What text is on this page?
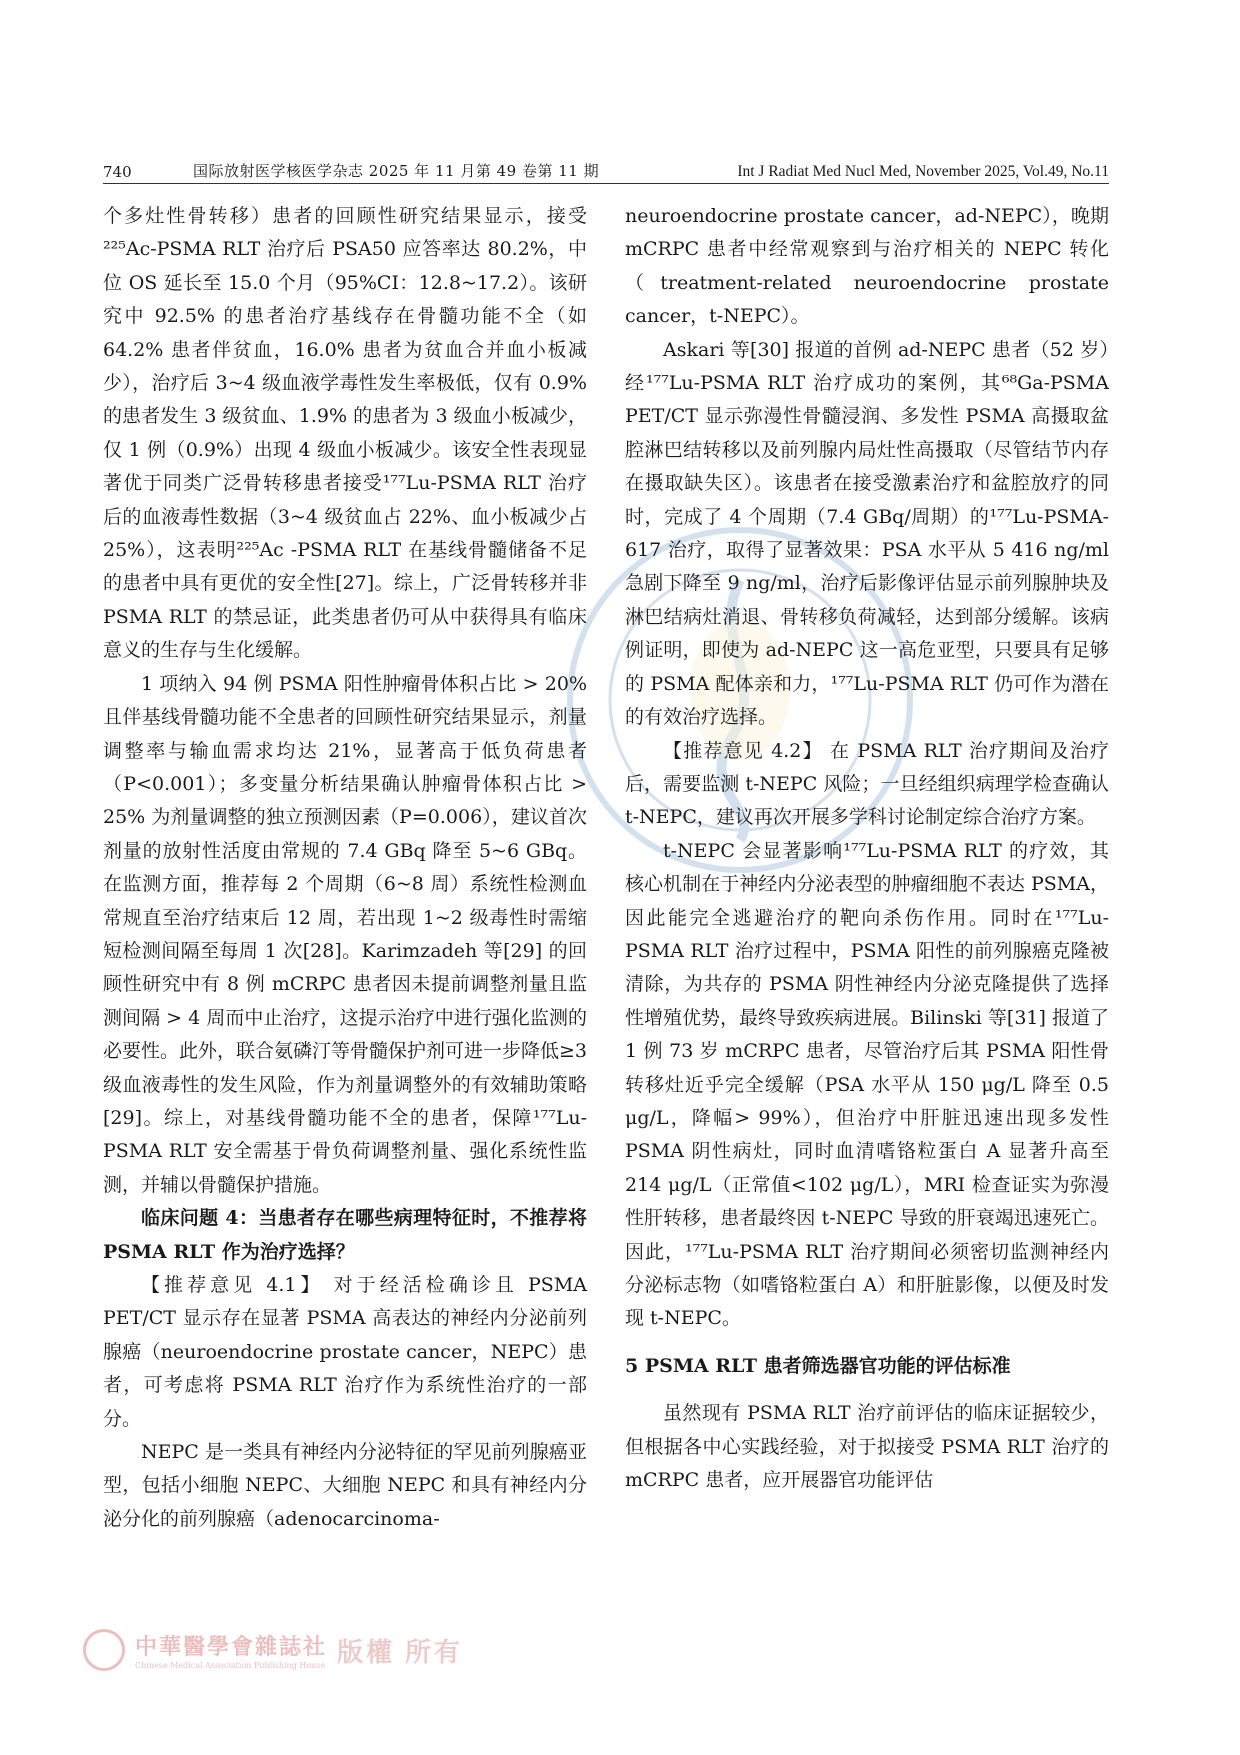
740	国际放射医学核医学杂志 2025 年 11 月第 49 卷第 11 期	Int J Radiat Med Nucl Med, November 2025, Vol.49, No.11

个多灶性骨转移）患者的回顾性研究结果显示，接受²²⁵Ac-PSMA RLT 治疗后 PSA50 应答率达 80.2%，中位 OS 延长至 15.0 个月（95%CI：12.8~17.2）。该研究中 92.5% 的患者治疗基线存在骨髓功能不全（如 64.2% 患者伴贫血，16.0% 患者为贫血合并血小板减少），治疗后 3~4 级血液学毒性发生率极低，仅有 0.9% 的患者发生 3 级贫血、1.9% 的患者为 3 级血小板减少，仅 1 例（0.9%）出现 4 级血小板减少。该安全性表现显著优于同类广泛骨转移患者接受¹⁷⁷Lu-PSMA RLT 治疗后的血液毒性数据（3~4 级贫血占 22%、血小板减少占 25%），这表明²²⁵Ac -PSMA RLT 在基线骨髓储备不足的患者中具有更优的安全性[27]。综上，广泛骨转移并非 PSMA RLT 的禁忌证，此类患者仍可从中获得具有临床意义的生存与生化缓解。

1 项纳入 94 例 PSMA 阳性肿瘤骨体积占比 > 20% 且伴基线骨髓功能不全患者的回顾性研究结果显示，剂量调整率与输血需求均达 21%，显著高于低负荷患者（P<0.001）；多变量分析结果确认肿瘤骨体积占比 > 25% 为剂量调整的独立预测因素（P=0.006），建议首次剂量的放射性活度由常规的 7.4 GBq 降至 5~6 GBq。在监测方面，推荐每 2 个周期（6~8 周）系统性检测血常规直至治疗结束后 12 周，若出现 1~2 级毒性时需缩短检测间隔至每周 1 次[28]。Karimzadeh 等[29] 的回顾性研究中有 8 例 mCRPC 患者因未提前调整剂量且监测间隔 > 4 周而中止治疗，这提示治疗中进行强化监测的必要性。此外，联合氨磷汀等骨髓保护剂可进一步降低≥3 级血液毒性的发生风险，作为剂量调整外的有效辅助策略[29]。综上，对基线骨髓功能不全的患者，保障¹⁷⁷Lu-PSMA RLT 安全需基于骨负荷调整剂量、强化系统性监测，并辅以骨髓保护措施。

临床问题 4：当患者存在哪些病理特征时，不推荐将 PSMA RLT 作为治疗选择？

【推荐意见 4.1】 对于经活检确诊且 PSMA PET/CT 显示存在显著 PSMA 高表达的神经内分泌前列腺癌（neuroendocrine prostate cancer，NEPC）患者，可考虑将 PSMA RLT 治疗作为系统性治疗的一部分。

NEPC 是一类具有神经内分泌特征的罕见前列腺癌亚型，包括小细胞 NEPC、大细胞 NEPC 和具有神经内分泌分化的前列腺癌（adenocarcinoma-

neuroendocrine prostate cancer，ad-NEPC），晚期 mCRPC 患者中经常观察到与治疗相关的 NEPC 转化（treatment-related neuroendocrine prostate cancer，t-NEPC）。

Askari 等[30] 报道的首例 ad-NEPC 患者（52 岁）经¹⁷⁷Lu-PSMA RLT 治疗成功的案例，其⁶⁸Ga-PSMA PET/CT 显示弥漫性骨髓浸润、多发性 PSMA 高摄取盆腔淋巴结转移以及前列腺内局灶性高摄取（尽管结节内存在摄取缺失区）。该患者在接受激素治疗和盆腔放疗的同时，完成了 4 个周期（7.4 GBq/周期）的¹⁷⁷Lu-PSMA-617 治疗，取得了显著效果：PSA 水平从 5 416 ng/ml 急剧下降至 9 ng/ml，治疗后影像评估显示前列腺肿块及淋巴结病灶消退、骨转移负荷减轻，达到部分缓解。该病例证明，即使为 ad-NEPC 这一高危亚型，只要具有足够的 PSMA 配体亲和力，¹⁷⁷Lu-PSMA RLT 仍可作为潜在的有效治疗选择。

【推荐意见 4.2】 在 PSMA RLT 治疗期间及治疗后，需要监测 t-NEPC 风险；一旦经组织病理学检查确认 t-NEPC，建议再次开展多学科讨论制定综合治疗方案。

t-NEPC 会显著影响¹⁷⁷Lu-PSMA RLT 的疗效，其核心机制在于神经内分泌表型的肿瘤细胞不表达 PSMA，因此能完全逃避治疗的靶向杀伤作用。同时在¹⁷⁷Lu-PSMA RLT 治疗过程中，PSMA 阳性的前列腺癌克隆被清除，为共存的 PSMA 阴性神经内分泌克隆提供了选择性增殖优势，最终导致疾病进展。Bilinski 等[31] 报道了 1 例 73 岁 mCRPC 患者，尽管治疗后其 PSMA 阳性骨转移灶近乎完全缓解（PSA 水平从 150 μg/L 降至 0.5 μg/L，降幅> 99%），但治疗中肝脏迅速出现多发性 PSMA 阴性病灶，同时血清嗜铬粒蛋白 A 显著升高至 214 μg/L（正常值<102 μg/L），MRI 检查证实为弥漫性肝转移，患者最终因 t-NEPC 导致的肝衰竭迅速死亡。因此，¹⁷⁷Lu-PSMA RLT 治疗期间必须密切监测神经内分泌标志物（如嗜铬粒蛋白 A）和肝脏影像，以便及时发现 t-NEPC。

5 PSMA RLT 患者筛选器官功能的评估标准

虽然现有 PSMA RLT 治疗前评估的临床证据较少，但根据各中心实践经验，对于拟接受 PSMA RLT 治疗的 mCRPC 患者，应开展器官功能评估

中華醫學會雜誌社
Chinese Medical Association Publishing House 版權 所有
